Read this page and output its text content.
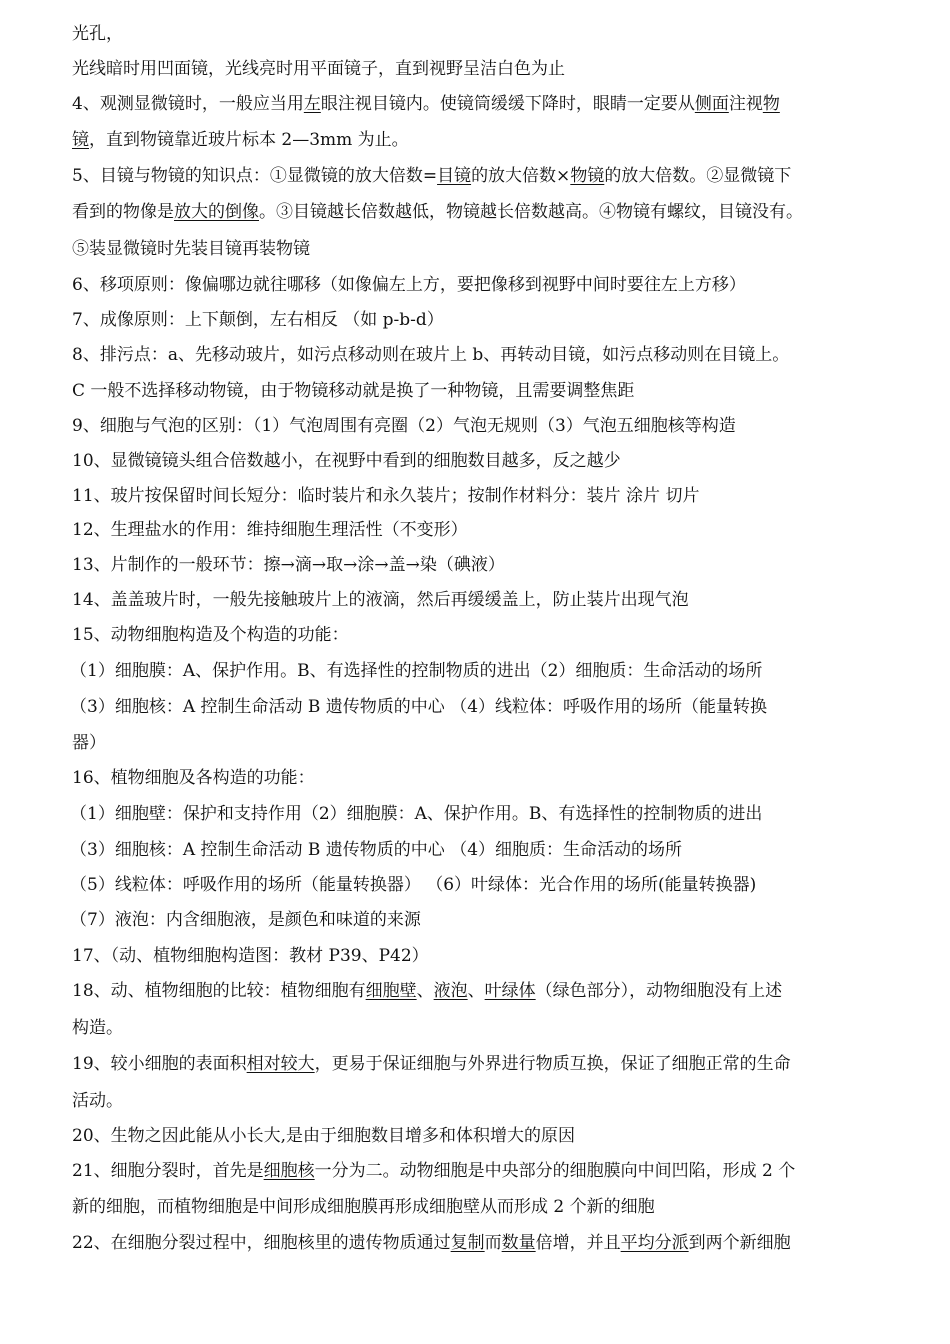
光孔，
光线暗时用凹面镜，光线亮时用平面镜子，直到视野呈洁白色为止
4、观测显微镜时，一般应当用左眼注视目镜内。使镜筒缓缓下降时，眼睛一定要从侧面注视物
镜，直到物镜靠近玻片标本 2—3mm 为止。
5、目镜与物镜的知识点：①显微镜的放大倍数=目镜的放大倍数×物镜的放大倍数。②显微镜下
看到的物像是放大的倒像。③目镜越长倍数越低，物镜越长倍数越高。④物镜有螺纹，目镜没有。
⑤装显微镜时先装目镜再装物镜
6、移项原则：像偏哪边就往哪移（如像偏左上方，要把像移到视野中间时要往左上方移）
7、成像原则：上下颠倒，左右相反 （如 p-b-d）
8、排污点：a、先移动玻片，如污点移动则在玻片上 b、再转动目镜，如污点移动则在目镜上。
C 一般不选择移动物镜，由于物镜移动就是换了一种物镜，且需要调整焦距
9、细胞与气泡的区别：（1）气泡周围有亮圈（2）气泡无规则（3）气泡五细胞核等构造
10、显微镜镜头组合倍数越小，在视野中看到的细胞数目越多，反之越少
11、玻片按保留时间长短分：临时装片和永久装片；按制作材料分：装片 涂片 切片
12、生理盐水的作用：维持细胞生理活性（不变形）
13、片制作的一般环节：擦→滴→取→涂→盖→染（碘液）
14、盖盖玻片时，一般先接触玻片上的液滴，然后再缓缓盖上，防止装片出现气泡
15、动物细胞构造及个构造的功能：
（1）细胞膜：A、保护作用。B、有选择性的控制物质的进出（2）细胞质：生命活动的场所
（3）细胞核：A 控制生命活动 B 遗传物质的中心 （4）线粒体：呼吸作用的场所（能量转换
器）
16、植物细胞及各构造的功能：
（1）细胞壁：保护和支持作用（2）细胞膜：A、保护作用。B、有选择性的控制物质的进出
（3）细胞核：A 控制生命活动 B 遗传物质的中心 （4）细胞质：生命活动的场所
（5）线粒体：呼吸作用的场所（能量转换器） （6）叶绿体：光合作用的场所(能量转换器)
（7）液泡：内含细胞液，是颜色和味道的来源
17、（动、植物细胞构造图：教材 P39、P42）
18、动、植物细胞的比较：植物细胞有细胞壁、液泡、叶绿体（绿色部分），动物细胞没有上述
构造。
19、较小细胞的表面积相对较大，更易于保证细胞与外界进行物质互换，保证了细胞正常的生命
活动。
20、生物之因此能从小长大,是由于细胞数目增多和体积增大的原因
21、细胞分裂时，首先是细胞核一分为二。动物细胞是中央部分的细胞膜向中间凹陷，形成 2 个
新的细胞，而植物细胞是中间形成细胞膜再形成细胞壁从而形成 2 个新的细胞
22、在细胞分裂过程中，细胞核里的遗传物质通过复制而数量倍增，并且平均分派到两个新细胞
